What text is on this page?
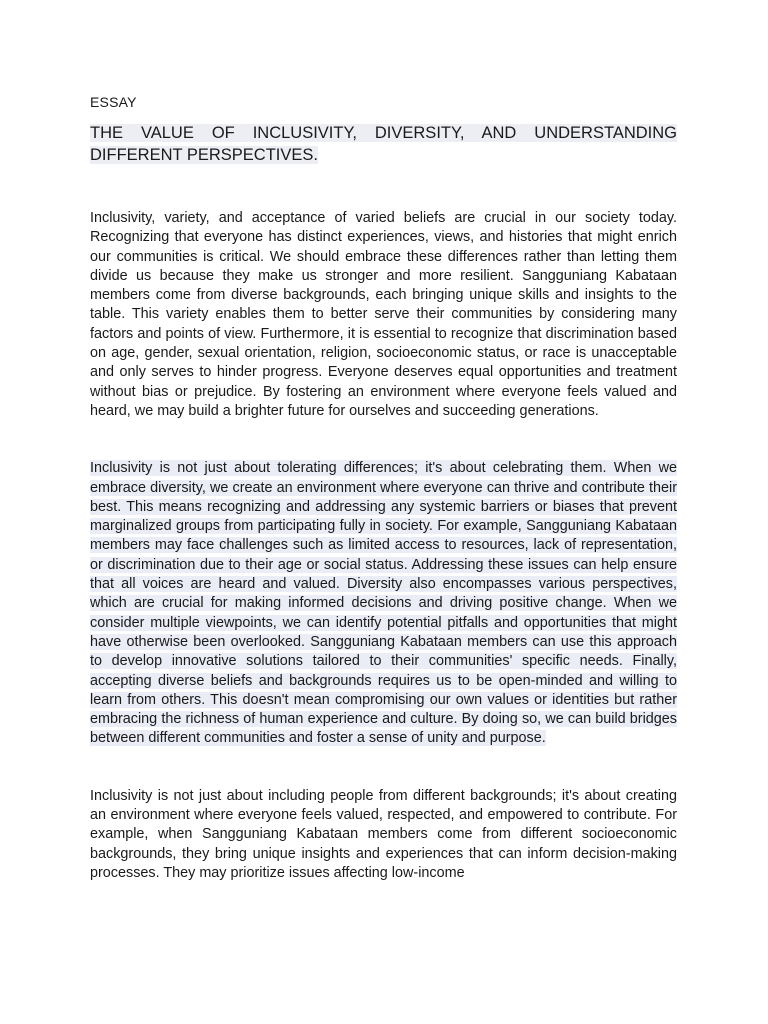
ESSAY
THE VALUE OF INCLUSIVITY, DIVERSITY, AND UNDERSTANDING DIFFERENT PERSPECTIVES.

Inclusivity, variety, and acceptance of varied beliefs are crucial in our society today. Recognizing that everyone has distinct experiences, views, and histories that might enrich our communities is critical. We should embrace these differences rather than letting them divide us because they make us stronger and more resilient. Sangguniang Kabataan members come from diverse backgrounds, each bringing unique skills and insights to the table. This variety enables them to better serve their communities by considering many factors and points of view. Furthermore, it is essential to recognize that discrimination based on age, gender, sexual orientation, religion, socioeconomic status, or race is unacceptable and only serves to hinder progress. Everyone deserves equal opportunities and treatment without bias or prejudice. By fostering an environment where everyone feels valued and heard, we may build a brighter future for ourselves and succeeding generations.

Inclusivity is not just about tolerating differences; it's about celebrating them. When we embrace diversity, we create an environment where everyone can thrive and contribute their best. This means recognizing and addressing any systemic barriers or biases that prevent marginalized groups from participating fully in society. For example, Sangguniang Kabataan members may face challenges such as limited access to resources, lack of representation, or discrimination due to their age or social status. Addressing these issues can help ensure that all voices are heard and valued. Diversity also encompasses various perspectives, which are crucial for making informed decisions and driving positive change. When we consider multiple viewpoints, we can identify potential pitfalls and opportunities that might have otherwise been overlooked. Sangguniang Kabataan members can use this approach to develop innovative solutions tailored to their communities' specific needs. Finally, accepting diverse beliefs and backgrounds requires us to be open-minded and willing to learn from others. This doesn't mean compromising our own values or identities but rather embracing the richness of human experience and culture. By doing so, we can build bridges between different communities and foster a sense of unity and purpose.

Inclusivity is not just about including people from different backgrounds; it's about creating an environment where everyone feels valued, respected, and empowered to contribute. For example, when Sangguniang Kabataan members come from different socioeconomic backgrounds, they bring unique insights and experiences that can inform decision-making processes. They may prioritize issues affecting low-income
